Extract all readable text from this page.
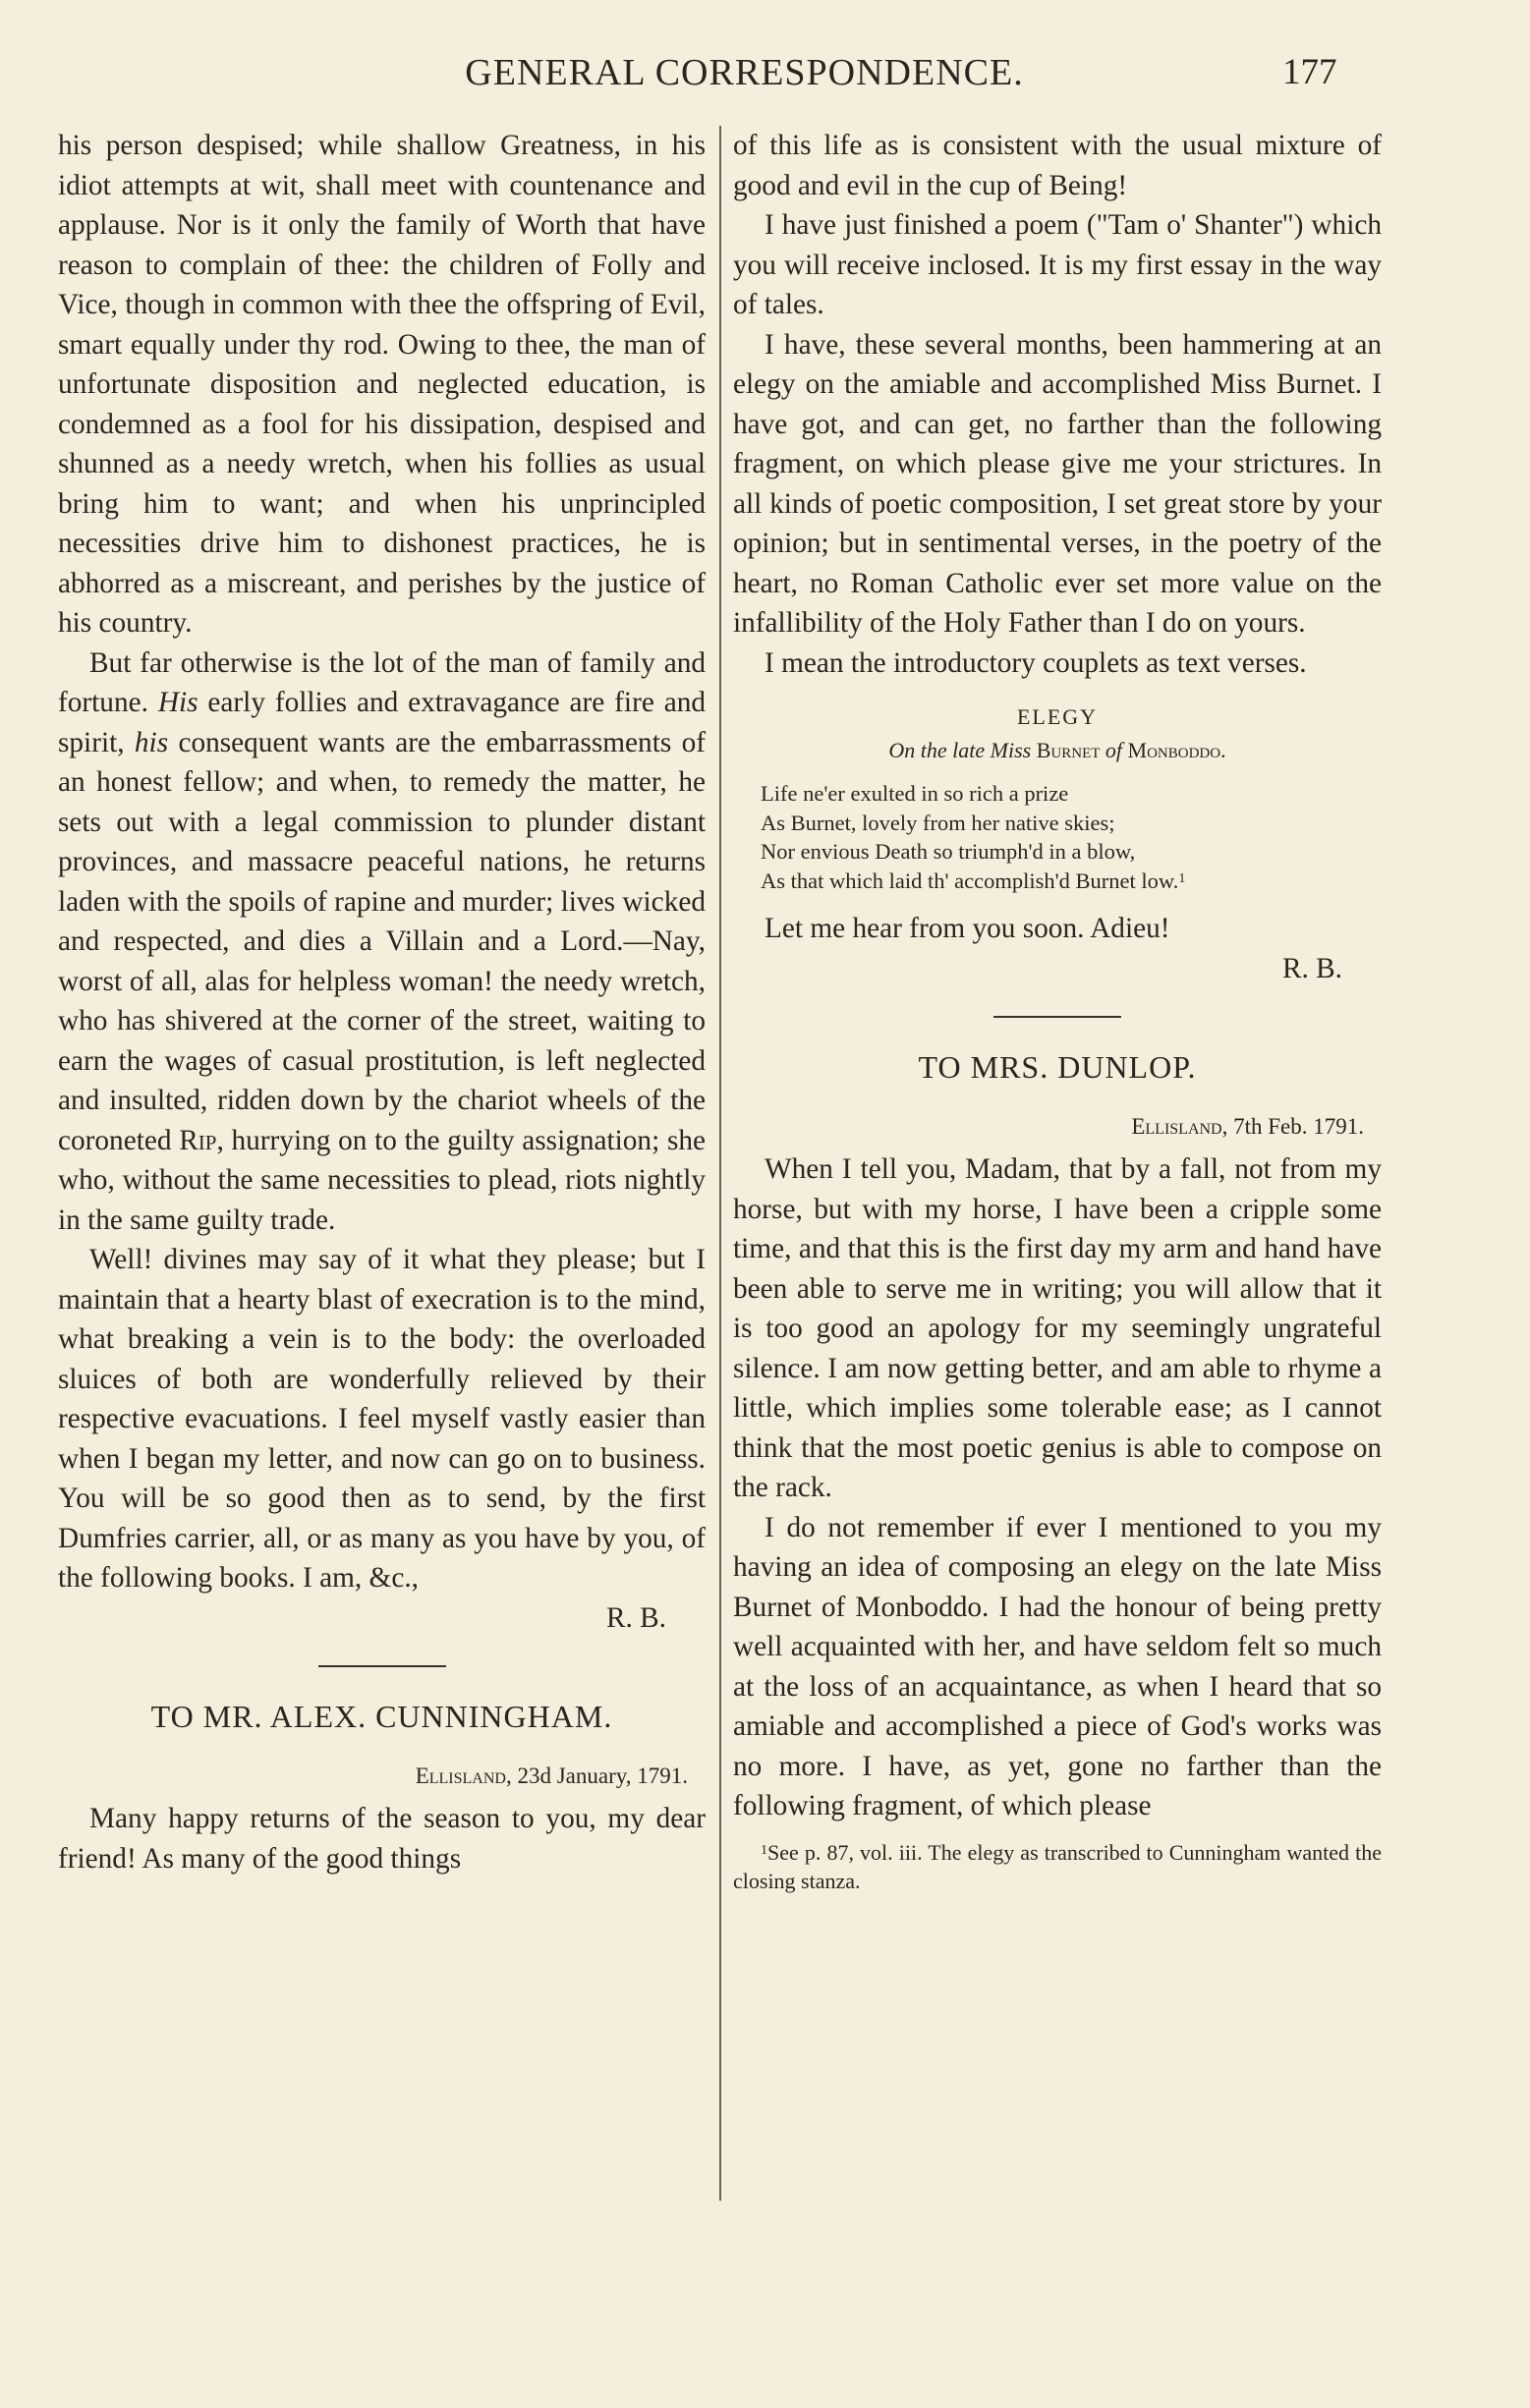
GENERAL CORRESPONDENCE.	177

his person despised; while shallow Greatness, in his idiot attempts at wit, shall meet with countenance and applause. Nor is it only the family of Worth that have reason to complain of thee: the children of Folly and Vice, though in common with thee the offspring of Evil, smart equally under thy rod. Owing to thee, the man of unfortunate disposition and neglected education, is condemned as a fool for his dissipation, despised and shunned as a needy wretch, when his follies as usual bring him to want; and when his unprincipled necessities drive him to dishonest practices, he is abhorred as a miscreant, and perishes by the justice of his country.

But far otherwise is the lot of the man of family and fortune. His early follies and extravagance are fire and spirit, his consequent wants are the embarrassments of an honest fellow; and when, to remedy the matter, he sets out with a legal commission to plunder distant provinces, and massacre peaceful nations, he returns laden with the spoils of rapine and murder; lives wicked and respected, and dies a Villain and a Lord.—Nay, worst of all, alas for helpless woman! the needy wretch, who has shivered at the corner of the street, waiting to earn the wages of casual prostitution, is left neglected and insulted, ridden down by the chariot wheels of the coroneted Rip, hurrying on to the guilty assignation; she who, without the same necessities to plead, riots nightly in the same guilty trade.

Well! divines may say of it what they please; but I maintain that a hearty blast of execration is to the mind, what breaking a vein is to the body: the overloaded sluices of both are wonderfully relieved by their respective evacuations. I feel myself vastly easier than when I began my letter, and now can go on to business. You will be so good then as to send, by the first Dumfries carrier, all, or as many as you have by you, of the following books. I am, &c.,

R. B.

TO MR. ALEX. CUNNINGHAM.
Ellisland, 23d January, 1791.

Many happy returns of the season to you, my dear friend! As many of the good things

of this life as is consistent with the usual mixture of good and evil in the cup of Being!

I have just finished a poem ("Tam o' Shanter") which you will receive inclosed. It is my first essay in the way of tales.

I have, these several months, been hammering at an elegy on the amiable and accomplished Miss Burnet. I have got, and can get, no farther than the following fragment, on which please give me your strictures. In all kinds of poetic composition, I set great store by your opinion; but in sentimental verses, in the poetry of the heart, no Roman Catholic ever set more value on the infallibility of the Holy Father than I do on yours.

I mean the introductory couplets as text verses.

ELEGY
On the late Miss Burnet of Monboddo.
Life ne'er exulted in so rich a prize
As Burnet, lovely from her native skies;
Nor envious Death so triumph'd in a blow,
As that which laid th' accomplish'd Burnet low.$^1$

Let me hear from you soon. Adieu!

R. B.

TO MRS. DUNLOP.
Ellisland, 7th Feb. 1791.

When I tell you, Madam, that by a fall, not from my horse, but with my horse, I have been a cripple some time, and that this is the first day my arm and hand have been able to serve me in writing; you will allow that it is too good an apology for my seemingly ungrateful silence. I am now getting better, and am able to rhyme a little, which implies some tolerable ease; as I cannot think that the most poetic genius is able to compose on the rack.

I do not remember if ever I mentioned to you my having an idea of composing an elegy on the late Miss Burnet of Monboddo. I had the honour of being pretty well acquainted with her, and have seldom felt so much at the loss of an acquaintance, as when I heard that so amiable and accomplished a piece of God's works was no more. I have, as yet, gone no farther than the following fragment, of which please

$^1$See p. 87, vol. iii. The elegy as transcribed to Cunningham wanted the closing stanza.
